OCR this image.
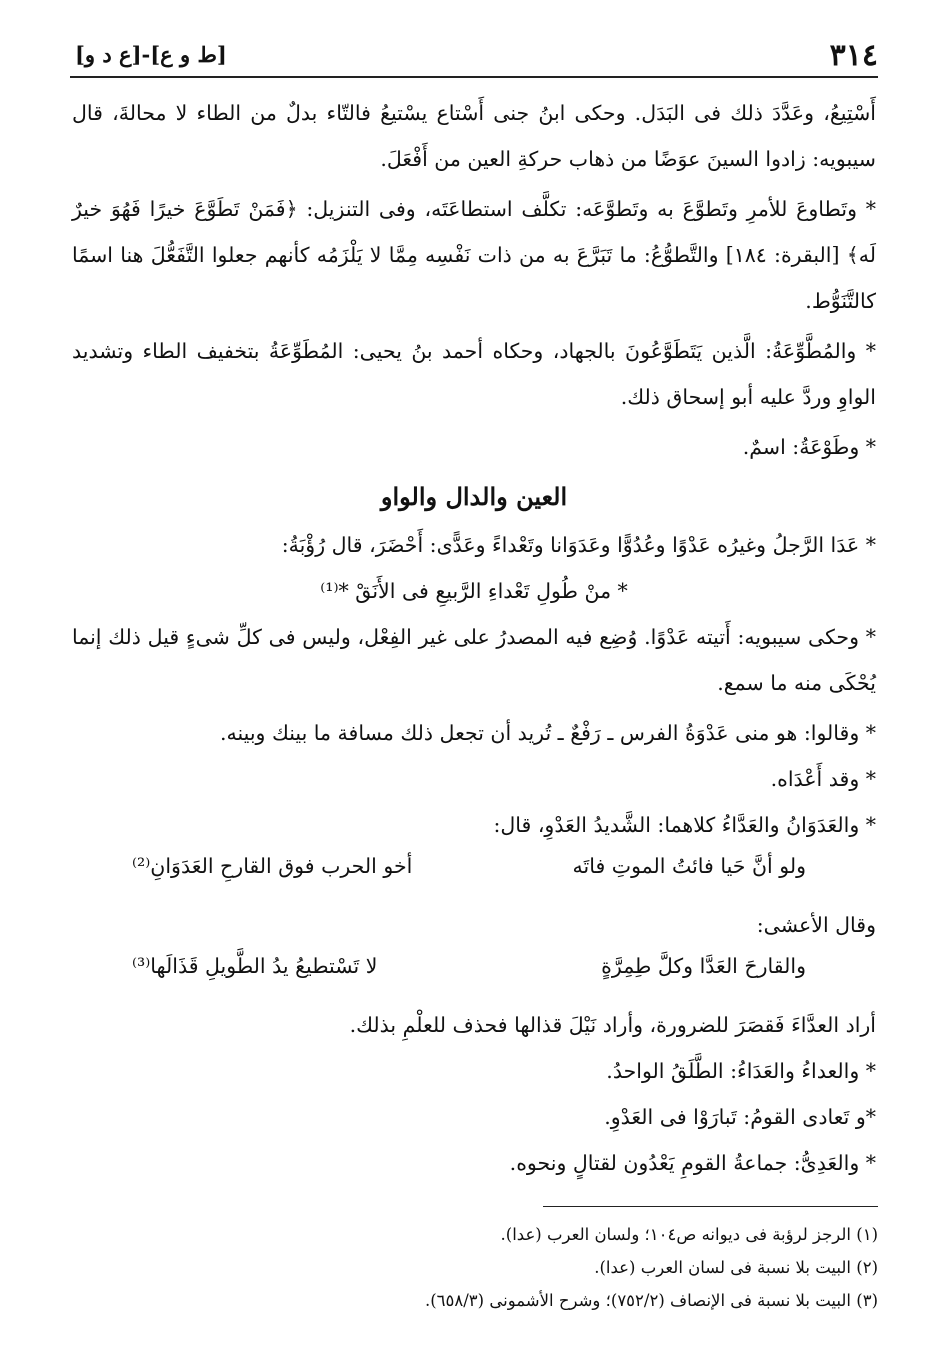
٣١٤
[ط و ع]-[ع د و]

أَسْتِيعُ، وعَدَّدَ ذلك فى البَدَل. وحكى ابنُ جنى أَسْتاع يسْتيعُ فالتّاء بدلٌ من الطاء لا محالةَ، قال سيبويه: زادوا السينَ عوَضًا من ذهاب حركةِ العين من أَفْعَلَ.

* وتَطاوعَ للأمرِ وتَطوَّعَ به وتَطوَّعَه: تكلَّف استطاعَتَه، وفى التنزيل: ﴿فَمَنْ تَطَوَّعَ خيرًا فَهُوَ خيرٌ لَه﴾ [البقرة: ١٨٤] والتَّطوُّعُ: ما تَبَرَّعَ به من ذات نَفْسِه مِمَّا لا يَلْزَمُه كأنهم جعلوا التَّفَعُّلَ هنا اسمًا كالتَّنَوُّط.

* والمُطَّوِّعَةُ: الَّذين يَتَطَوَّعُونَ بالجهاد، وحكاه أحمد بنُ يحيى: المُطَوِّعَةُ بتخفيف الطاء وتشديد الواوِ وردَّ عليه أبو إسحاق ذلك.

* وطَوْعَةُ: اسمٌ.

العين والدال والواو

* عَدَا الرَّجلُ وغيرُه عَدْوًا وعُدُوًّا وعَدَوَانا وتَعْداءً وعَدًّى: أَحْضَرَ، قال رُؤْبَةُ:

* منْ طُولِ تَعْداءِ الرَّبيعِ فى الأَنَقْ *⁽¹⁾

* وحكى سيبويه: أَتيته عَدْوًا. وُضِع فيه المصدرُ على غير الفِعْل، وليس فى كلِّ شىءٍ قيل ذلك إنما يُحْكَى منه ما سمع.

* وقالوا: هو منى عَدْوَةُ الفرس ـ رَفْعٌ ـ تُريد أن تجعل ذلك مسافة ما بينك وبينه.

* وقد أَعْدَاه.

* والعَدَوَانُ والعَدَّاءُ كلاهما: الشَّديدُ العَدْوِ، قال:

ولو أنَّ حَيا فائتُ الموتِ فاتَه
أخو الحرب فوق القارحِ العَدَوَانِ⁽²⁾

وقال الأعشى:

والقارحَ العَدَّا وكلَّ طِمِرَّةٍ
لا تَسْتطيعُ يدُ الطَّويلِ قَذَالَها⁽³⁾

أراد العدَّاءَ فَقصَرَ للضرورة، وأراد نَيْلَ قذالها فحذف للعلْمِ بذلك.

* والعداءُ والعَدَاءُ: الطَّلَقُ الواحدُ.

*و تَعادى القومُ: تَبارَوْا فى العَدْوِ.

* والعَدِىُّ: جماعةُ القومِ يَعْدُون لقتالٍ ونحوه.

(١) الرجز لرؤبة فى ديوانه ص١٠٤؛ ولسان العرب (عدا).
(٢) البيت بلا نسبة فى لسان العرب (عدا).
(٣) البيت بلا نسبة فى الإنصاف (٧٥٢/٢)؛ وشرح الأشمونى (٦٥٨/٣).
